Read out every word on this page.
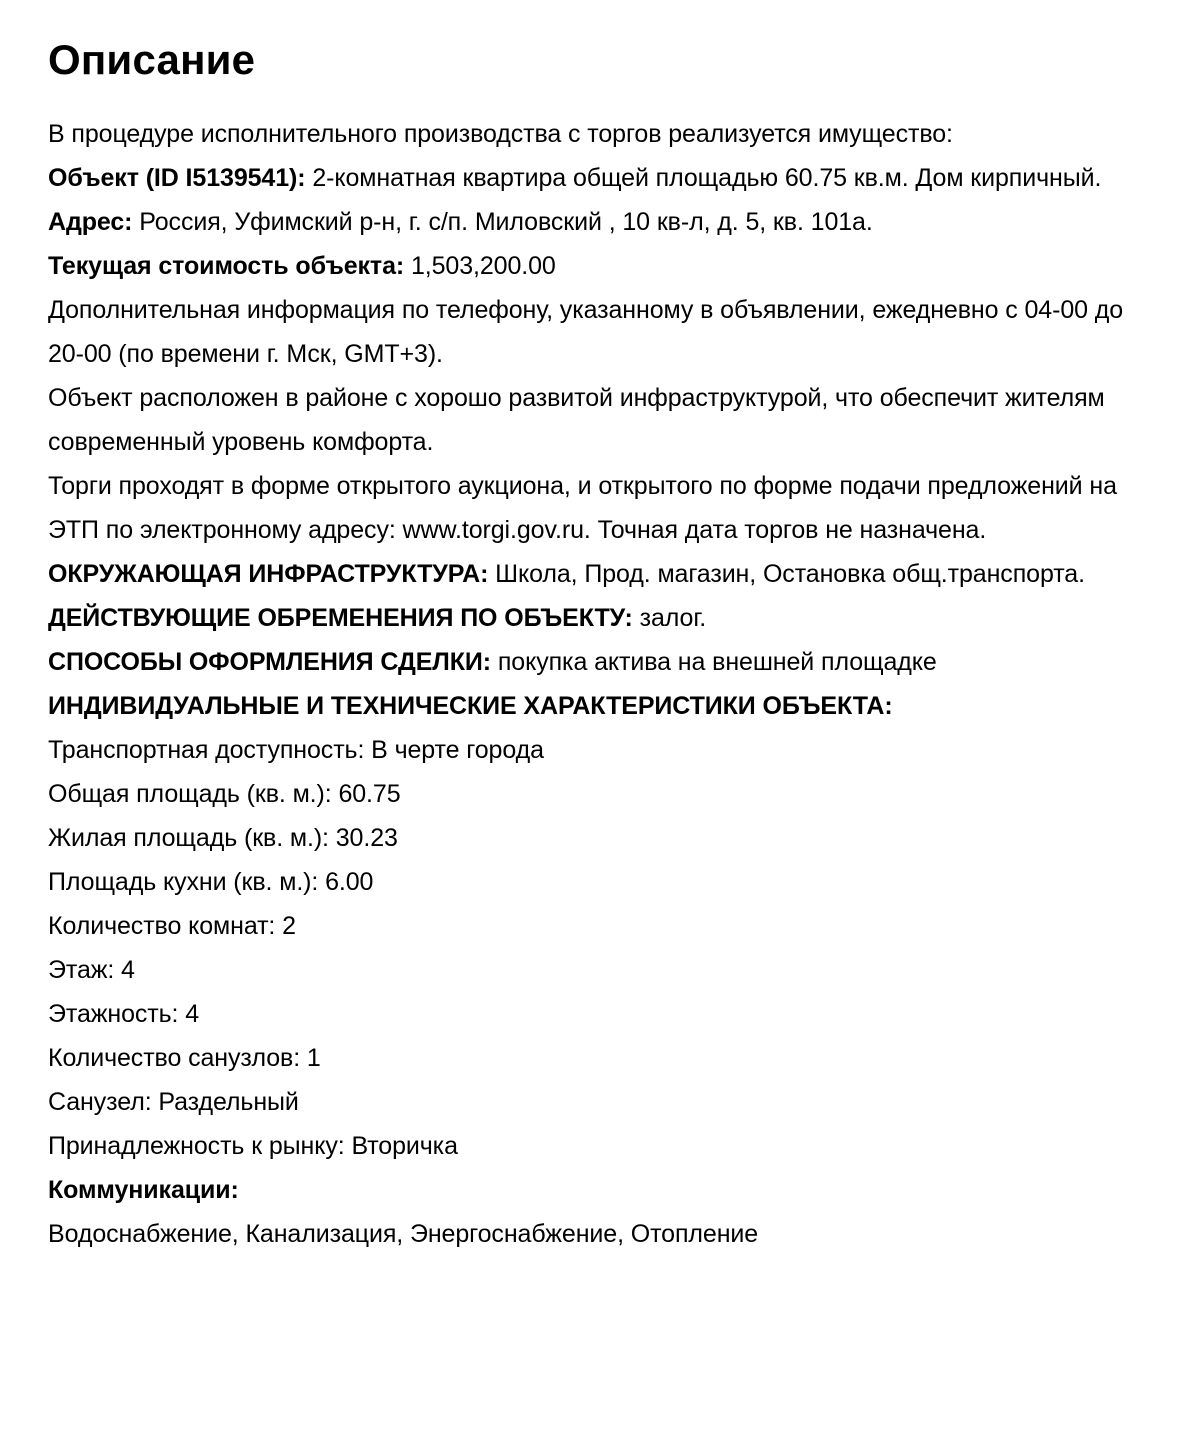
Описание
В процедуре исполнительного производства с торгов реализуется имущество:
Объект (ID I5139541): 2-комнатная квартира общей площадью 60.75 кв.м. Дом кирпичный.
Адрес: Россия, Уфимский р-н, г. с/п. Миловский , 10 кв-л, д. 5, кв. 101а.
Текущая стоимость объекта: 1,503,200.00
Дополнительная информация по телефону, указанному в объявлении, ежедневно с 04-00 до 20-00 (по времени г. Мск, GMT+3).
Объект расположен в районе с хорошо развитой инфраструктурой, что обеспечит жителям современный уровень комфорта.
Торги проходят в форме открытого аукциона, и открытого по форме подачи предложений на ЭТП по электронному адресу: www.torgi.gov.ru. Точная дата торгов не назначена.
ОКРУЖАЮЩАЯ ИНФРАСТРУКТУРА: Школа, Прод. магазин, Остановка общ.транспорта.
ДЕЙСТВУЮЩИЕ ОБРЕМЕНЕНИЯ ПО ОБЪЕКТУ: залог.
СПОСОБЫ ОФОРМЛЕНИЯ СДЕЛКИ: покупка актива на внешней площадке
ИНДИВИДУАЛЬНЫЕ И ТЕХНИЧЕСКИЕ ХАРАКТЕРИСТИКИ ОБЪЕКТА:
Транспортная доступность: В черте города
Общая площадь (кв. м.): 60.75
Жилая площадь (кв. м.): 30.23
Площадь кухни (кв. м.): 6.00
Количество комнат: 2
Этаж: 4
Этажность: 4
Количество санузлов: 1
Санузел: Раздельный
Принадлежность к рынку: Вторичка
Коммуникации:
Водоснабжение, Канализация, Энергоснабжение, Отопление
